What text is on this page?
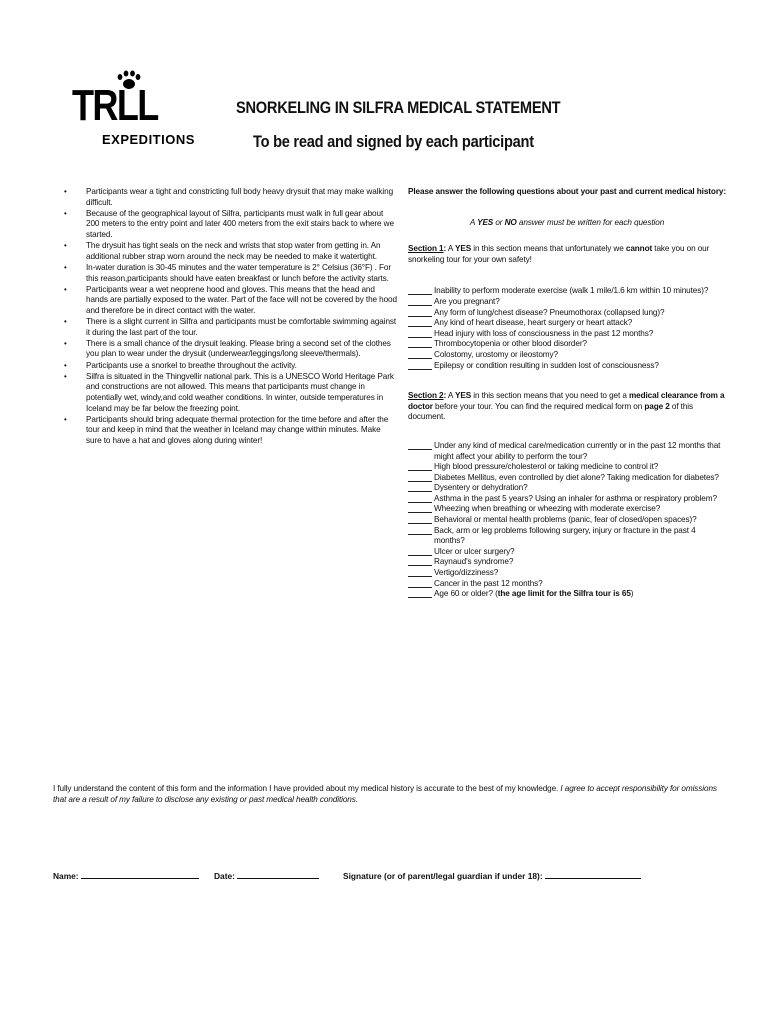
TRLL
EXPEDITIONS
SNORKELING IN SILFRA MEDICAL STATEMENT
To be read and signed by each participant
• Participants wear a tight and constricting full body heavy drysuit that may make walking difficult.
• Because of the geographical layout of Silfra, participants must walk in full gear about 200 meters to the entry point and later 400 meters from the exit stairs back to where we started.
• The drysuit has tight seals on the neck and wrists that stop water from getting in. An additional rubber strap worn around the neck may be needed to make it watertight.
• In-water duration is 30-45 minutes and the water temperature is 2° Celsius (36°F) . For this reason,participants should have eaten breakfast or lunch before the activity starts.
• Participants wear a wet neoprene hood and gloves. This means that the head and hands are partially exposed to the water. Part of the face will not be covered by the hood and therefore be in direct contact with the water.
• There is a slight current in Silfra and participants must be comfortable swimming against it during the last part of the tour.
• There is a small chance of the drysuit leaking. Please bring a second set of the clothes you plan to wear under the drysuit (underwear/leggings/long sleeve/thermals).
• Participants use a snorkel to breathe throughout the activity.
• Silfra is situated in the Thingvellir national park. This is a UNESCO World Heritage Park and constructions are not allowed. This means that participants must change in potentially wet, windy,and cold weather conditions. In winter, outside temperatures in Iceland may be far below the freezing point.
• Participants should bring adequate thermal protection for the time before and after the tour and keep in mind that the weather in Iceland may change within minutes. Make sure to have a hat and gloves along during winter!
Please answer the following questions about your past and current medical history:
A YES or NO answer must be written for each question
Section 1: A YES in this section means that unfortunately we cannot take you on our snorkeling tour for your own safety!
Inability to perform moderate exercise (walk 1 mile/1.6 km within 10 minutes)?
Are you pregnant?
Any form of lung/chest disease? Pneumothorax (collapsed lung)?
Any kind of heart disease, heart surgery or heart attack?
Head injury with loss of consciousness in the past 12 months?
Thrombocytopenia or other blood disorder?
Colostomy, urostomy or ileostomy?
Epilepsy or condition resulting in sudden lost of consciousness?
Section 2: A YES in this section means that you need to get a medical clearance from a doctor before your tour. You can find the required medical form on page 2 of this document.
Under any kind of medical care/medication currently or in the past 12 months that might affect your ability to perform the tour?
High blood pressure/cholesterol or taking medicine to control it?
Diabetes Mellitus, even controlled by diet alone? Taking medication for diabetes?
Dysentery or dehydration?
Asthma in the past 5 years? Using an inhaler for asthma or respiratory problem?
Wheezing when breathing or wheezing with moderate exercise?
Behavioral or mental health problems (panic, fear of closed/open spaces)?
Back, arm or leg problems following surgery, injury or fracture in the past 4 months?
Ulcer or ulcer surgery?
Raynaud's syndrome?
Vertigo/dizziness?
Cancer in the past 12 months?
Age 60 or older? (the age limit for the Silfra tour is 65)
I fully understand the content of this form and the information I have provided about my medical history is accurate to the best of my knowledge. I agree to accept responsibility for omissions that are a result of my failure to disclose any existing or past medical health conditions.
Name:	Date:	Signature (or of parent/legal guardian if under 18):
